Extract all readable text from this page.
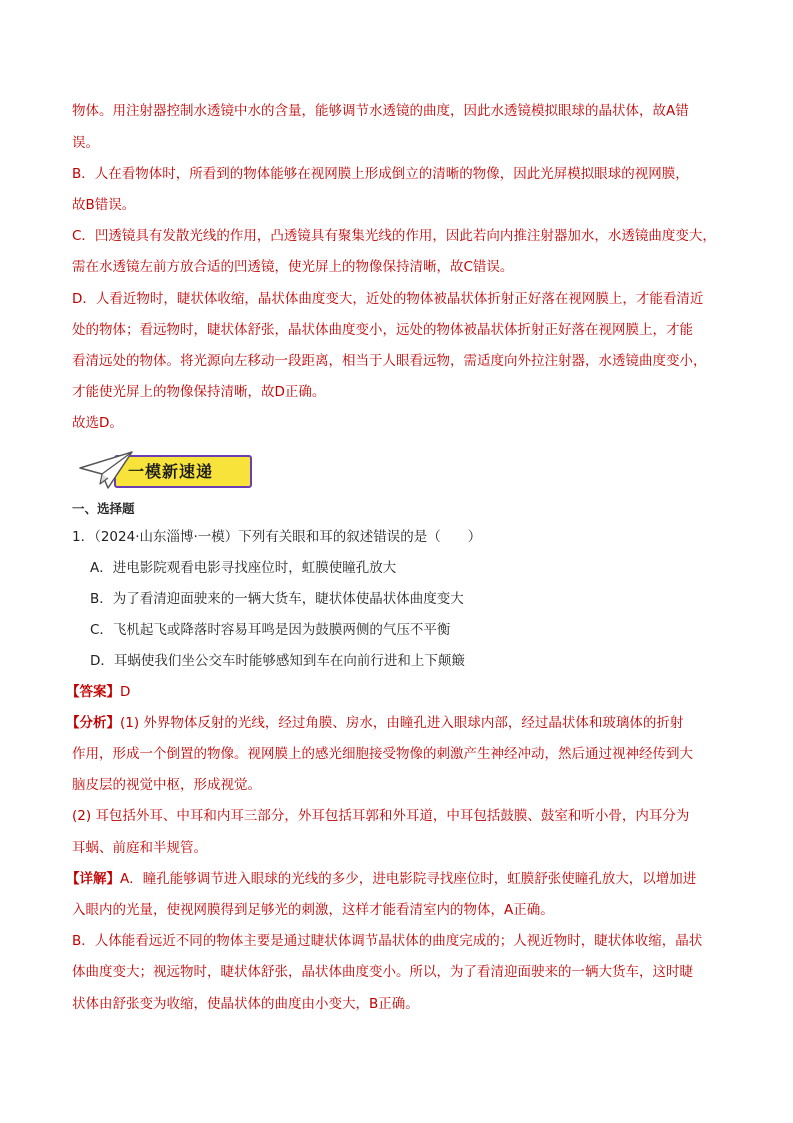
物体。用注射器控制水透镜中水的含量，能够调节水透镜的曲度，因此水透镜模拟眼球的晶状体，故A错
误。
B．人在看物体时，所看到的物体能够在视网膜上形成倒立的清晰的物像，因此光屏模拟眼球的视网膜，
故B错误。
C．凹透镜具有发散光线的作用，凸透镜具有聚集光线的作用，因此若向内推注射器加水，水透镜曲度变大，
需在水透镜左前方放合适的凹透镜，使光屏上的物像保持清晰，故C错误。
D．人看近物时，睫状体收缩，晶状体曲度变大，近处的物体被晶状体折射正好落在视网膜上，才能看清近
处的物体；看远物时，睫状体舒张，晶状体曲度变小，远处的物体被晶状体折射正好落在视网膜上，才能
看清远处的物体。将光源向左移动一段距离，相当于人眼看远物，需适度向外拉注射器，水透镜曲度变小，
才能使光屏上的物像保持清晰，故D正确。
故选D。
一模新速递
一、选择题
1．（2024·山东淄博·一模）下列有关眼和耳的叙述错误的是（　　）
A．进电影院观看电影寻找座位时，虹膜使瞳孔放大
B．为了看清迎面驶来的一辆大货车，睫状体使晶状体曲度变大
C．飞机起飞或降落时容易耳鸣是因为鼓膜两侧的气压不平衡
D．耳蜗使我们坐公交车时能够感知到车在向前行进和上下颠簸
【答案】D
【分析】(1) 外界物体反射的光线，经过角膜、房水，由瞳孔进入眼球内部，经过晶状体和玻璃体的折射
作用，形成一个倒置的物像。视网膜上的感光细胞接受物像的刺激产生神经冲动，然后通过视神经传到大
脑皮层的视觉中枢，形成视觉。
(2) 耳包括外耳、中耳和内耳三部分，外耳包括耳郭和外耳道，中耳包括鼓膜、鼓室和听小骨，内耳分为
耳蜗、前庭和半规管。
【详解】A．瞳孔能够调节进入眼球的光线的多少，进电影院寻找座位时，虹膜舒张使瞳孔放大，以增加进
入眼内的光量，使视网膜得到足够光的刺激，这样才能看清室内的物体，A正确。
B．人体能看远近不同的物体主要是通过睫状体调节晶状体的曲度完成的；人视近物时，睫状体收缩，晶状
体曲度变大；视远物时，睫状体舒张，晶状体曲度变小。所以，为了看清迎面驶来的一辆大货车，这时睫
状体由舒张变为收缩，使晶状体的曲度由小变大，B正确。
